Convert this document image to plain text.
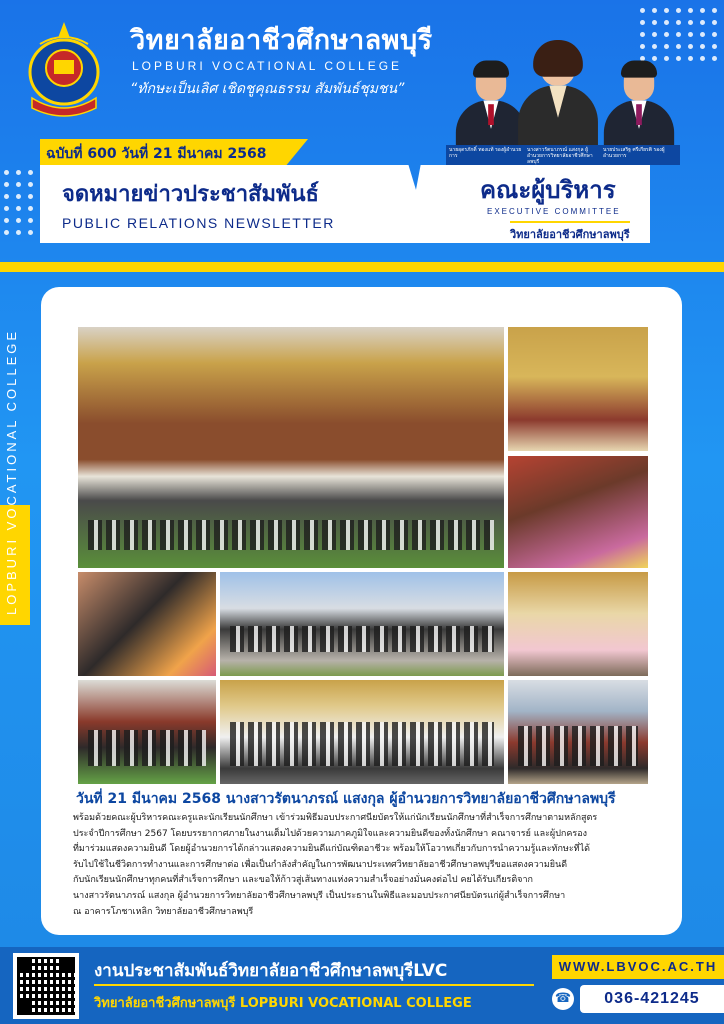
วิทยาลัยอาชีวศึกษาลพบุรี
LOPBURI VOCATIONAL COLLEGE
“ทักษะเป็นเลิศ เชิดชูคุณธรรม สัมพันธ์ชุมชน”
นายอุดรภักดิ์ ทองแท้ รองผู้อำนวยการ
นางสาวรัตนาภรณ์ แสงกุล ผู้อำนวยการวิทยาลัยอาชีวศึกษาลพบุรี
นายประเสริฐ ศรีเกียรติ รองผู้อำนวยการ
ฉบับที่ 600 วันที่ 21 มีนาคม 2568
จดหมายข่าวประชาสัมพันธ์
PUBLIC RELATIONS NEWSLETTER
คณะผู้บริหาร
EXECUTIVE COMMITTEE
วิทยาลัยอาชีวศึกษาลพบุรี
LOPBURI VOCATIONAL COLLEGE
วันที่ 21 มีนาคม 2568 นางสาวรัตนาภรณ์ แสงกุล ผู้อำนวยการวิทยาลัยอาชีวศึกษาลพบุรี

พร้อมด้วยคณะผู้บริหารคณะครูและนักเรียนนักศึกษา เข้าร่วมพิธีมอบประกาศนียบัตรให้แก่นักเรียนนักศึกษาที่สำเร็จการศึกษาตามหลักสูตร

ประจำปีการศึกษา 2567 โดยบรรยากาศภายในงานเต็มไปด้วยความภาคภูมิใจและความยินดีของทั้งนักศึกษา คณาจารย์ และผู้ปกครอง

ที่มาร่วมแสดงความยินดี โดยผู้อำนวยการได้กล่าวแสดงความยินดีแก่บัณฑิตอาชีวะ พร้อมให้โอวาทเกี่ยวกับการนำความรู้และทักษะที่ได้

รับไปใช้ในชีวิตการทำงานและการศึกษาต่อ เพื่อเป็นกำลังสำคัญในการพัฒนาประเทศวิทยาลัยอาชีวศึกษาลพบุรีขอแสดงความยินดี

กับนักเรียนนักศึกษาทุกคนที่สำเร็จการศึกษา และขอให้ก้าวสู่เส้นทางแห่งความสำเร็จอย่างมั่นคงต่อไป คยได้รับเกียรติจาก

นางสาวรัตนาภรณ์ แสงกุล ผู้อำนวยการวิทยาลัยอาชีวศึกษาลพบุรี เป็นประธานในพิธีและมอบประกาศนียบัตรแก่ผู้สำเร็จการศึกษา

ณ อาคารโภชาเหลิก วิทยาลัยอาชีวศึกษาลพบุรี

งานประชาสัมพันธ์วิทยาลัยอาชีวศึกษาลพบุรีLVC
วิทยาลัยอาชีวศึกษาลพบุรี LOPBURI VOCATIONAL COLLEGE
WWW.LBVOC.AC.TH
☎	036-421245
